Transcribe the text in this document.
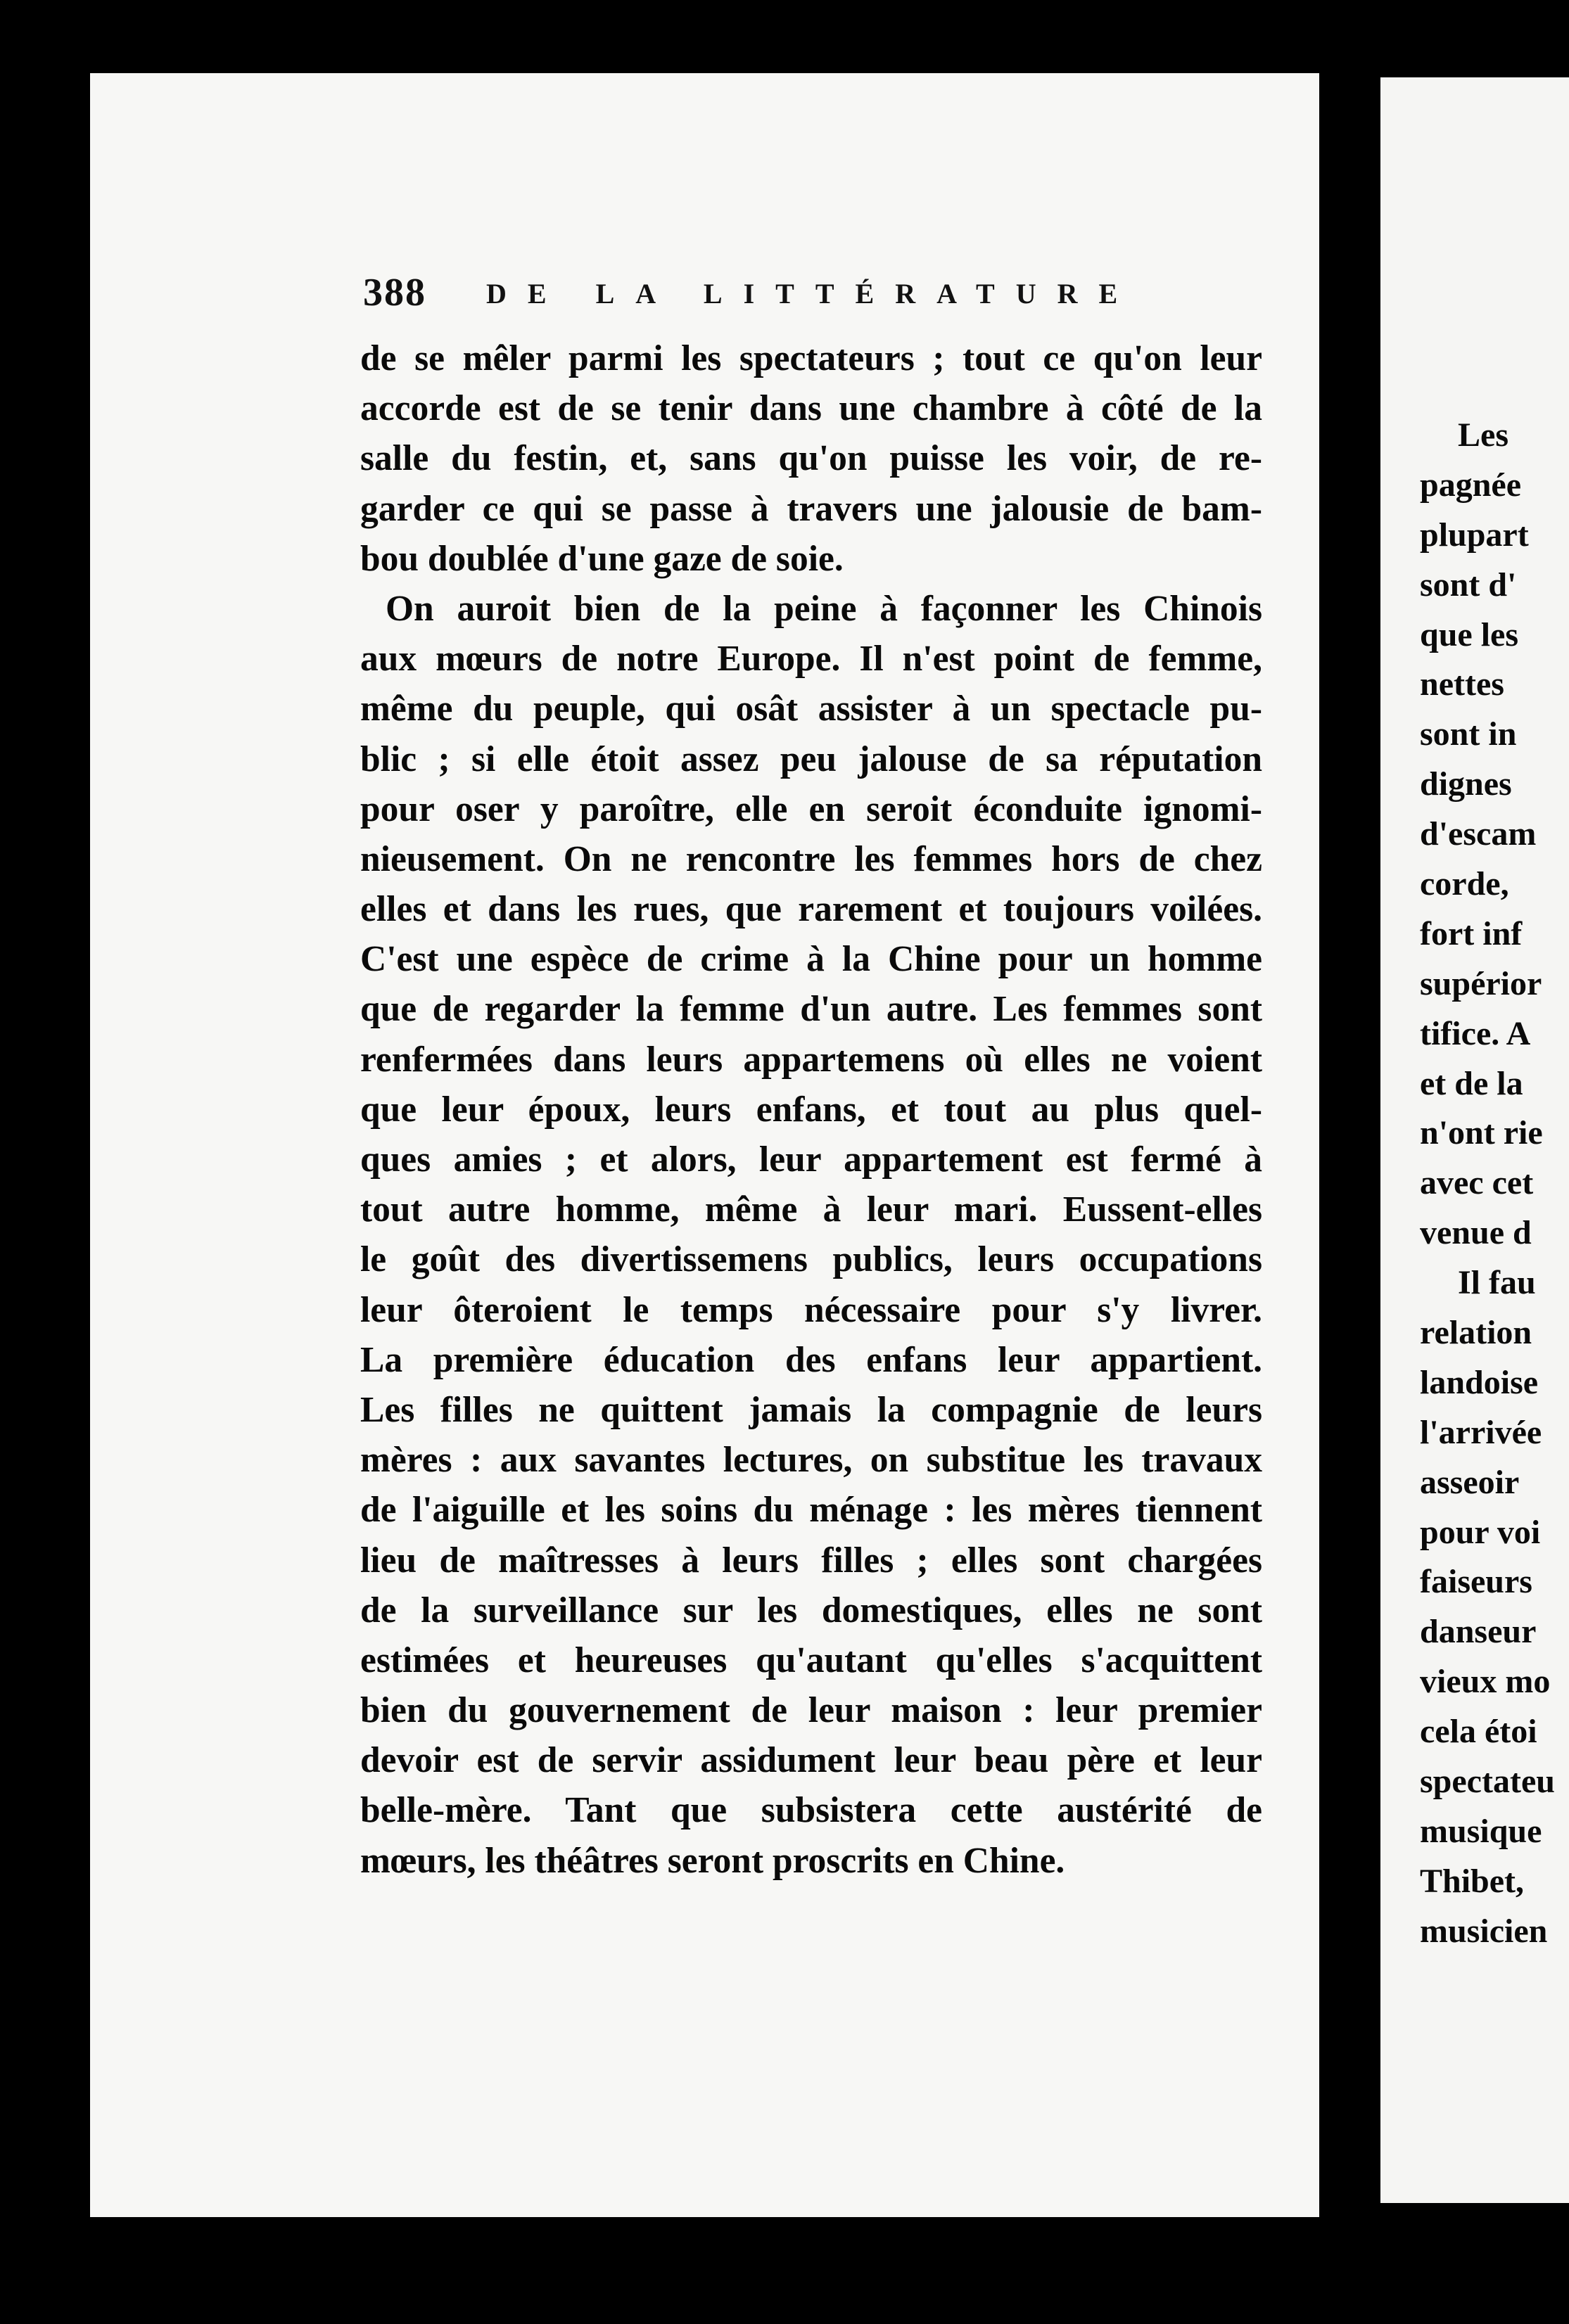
Les
pagnée
plupart
sont d'
que les
nettes
sont in
dignes
d'escam
corde,
fort inf
supérior
tifice. A
et de la
n'ont rie
avec cet
venue d
Il fau
relation
landoise
l'arrivée
asseoir
pour voi
faiseurs
danseur
vieux mo
cela étoi
spectateu
musique
Thibet,
musicien
388 DE LA LITTÉRATURE
de se mêler parmi les spectateurs ; tout ce qu'on leur
accorde est de se tenir dans une chambre à côté de la
salle du festin, et, sans qu'on puisse les voir, de re-
garder ce qui se passe à travers une jalousie de bam-
bou doublée d'une gaze de soie.
On auroit bien de la peine à façonner les Chinois
aux mœurs de notre Europe. Il n'est point de femme,
même du peuple, qui osât assister à un spectacle pu-
blic ; si elle étoit assez peu jalouse de sa réputation
pour oser y paroître, elle en seroit éconduite ignomi-
nieusement. On ne rencontre les femmes hors de chez
elles et dans les rues, que rarement et toujours voilées.
C'est une espèce de crime à la Chine pour un homme
que de regarder la femme d'un autre. Les femmes sont
renfermées dans leurs appartemens où elles ne voient
que leur époux, leurs enfans, et tout au plus quel-
ques amies ; et alors, leur appartement est fermé à
tout autre homme, même à leur mari. Eussent-elles
le goût des divertissemens publics, leurs occupations
leur ôteroient le temps nécessaire pour s'y livrer.
La première éducation des enfans leur appartient.
Les filles ne quittent jamais la compagnie de leurs
mères : aux savantes lectures, on substitue les travaux
de l'aiguille et les soins du ménage : les mères tiennent
lieu de maîtresses à leurs filles ; elles sont chargées
de la surveillance sur les domestiques, elles ne sont
estimées et heureuses qu'autant qu'elles s'acquittent
bien du gouvernement de leur maison : leur premier
devoir est de servir assidument leur beau père et leur
belle-mère. Tant que subsistera cette austérité de
mœurs, les théâtres seront proscrits en Chine.
